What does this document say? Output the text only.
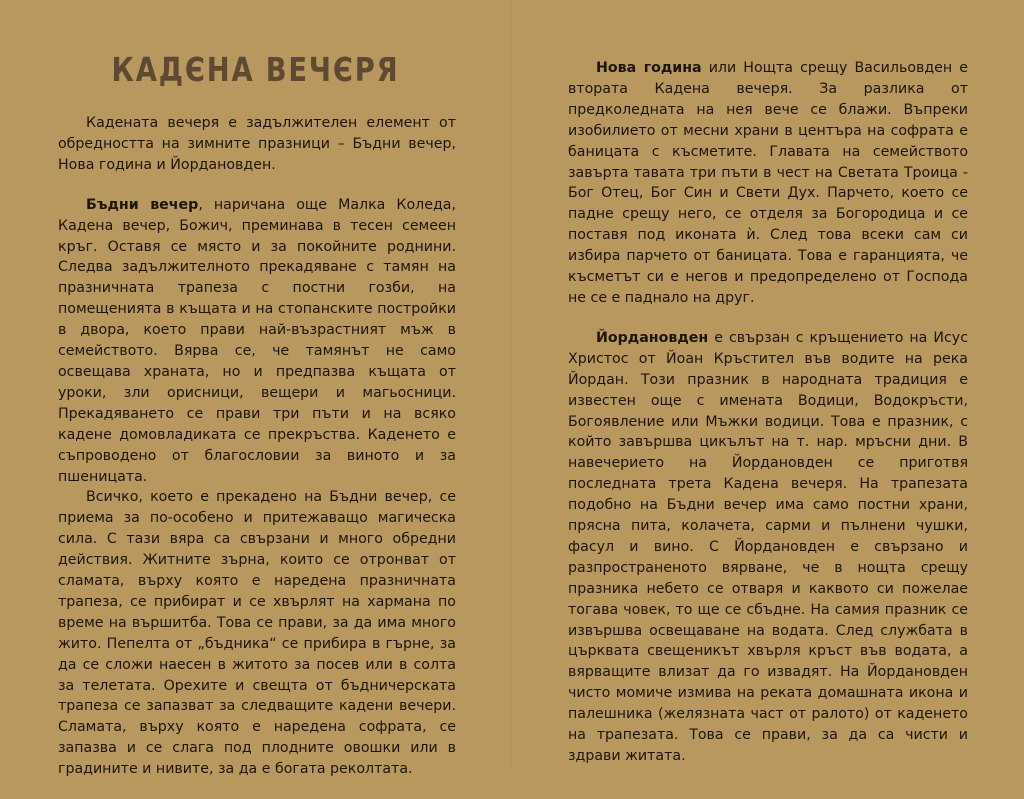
КАДЄНА ВЕЧЄРЯ

Кадената вечеря е задължителен елемент от обредността на зимните празници – Бъдни вечер, Нова година и Йордановден.

Бъдни вечер, наричана още Малка Коледа, Кадена вечер, Божич, преминава в тесен семеен кръг. Оставя се място и за покойните роднини. Следва задължителното прекадяване с тамян на празничната трапеза с постни гозби, на помещенията в къщата и на стопанските постройки в двора, което прави най-възрастният мъж в семейството. Вярва се, че тамянът не само освещава храната, но и предпазва къщата от уроки, зли орисници, вещери и магьосници. Прекадяването се прави три пъти и на всяко кадене домовладиката се прекръства. Каденето е съпроводено от благословии за виното и за пшеницата.

Всичко, което е прекадено на Бъдни вечер, се приема за по-особено и притежаващо магическа сила. С тази вяра са свързани и много обредни действия. Житните зърна, които се отронват от сламата, върху която е наредена празничната трапеза, се прибират и се хвърлят на хармана по време на вършитба. Това се прави, за да има много жито. Пепелта от „бъдника“ се прибира в гърне, за да се сложи наесен в житото за посев или в солта за телетата. Орехите и свещта от бъдничерската трапеза се запазват за следващите кадени вечери. Сламата, върху която е наредена софрата, се запазва и се слага под плодните овошки или в градините и нивите, за да е богата реколтата.

Нова година или Нощта срещу Васильовден е втората Кадена вечеря. За разлика от предколедната на нея вече се блажи. Въпреки изобилието от месни храни в центъра на софрата е баницата с късметите. Главата на семейството завърта тавата три пъти в чест на Светата Троица - Бог Отец, Бог Син и Свети Дух. Парчето, което се падне срещу него, се отделя за Богородица и се поставя под иконата ѝ. След това всеки сам си избира парчето от баницата. Това е гаранцията, че късметът си е негов и предопределено от Господа не се е паднало на друг.

Йордановден е свързан с кръщението на Исус Христос от Йоан Кръстител във водите на река Йордан. Този празник в народната традиция е известен още с имената Водици, Водокръсти, Богоявление или Мъжки водици. Това е празник, с който завършва цикълът на т. нар. мръсни дни. В навечерието на Йордановден се приготвя последната трета Кадена вечеря. На трапезата подобно на Бъдни вечер има само постни храни, прясна пита, колачета, сарми и пълнени чушки, фасул и вино. С Йордановден е свързано и разпространеното вярване, че в нощта срещу празника небето се отваря и каквото си пожелае тогава човек, то ще се сбъдне. На самия празник се извършва освещаване на водата. След службата в църквата свещеникът хвърля кръст във водата, а вярващите влизат да го извадят. На Йордановден чисто момиче измива на реката домашната икона и палешника (желязната част от ралото) от каденето на трапезата. Това се прави, за да са чисти и здрави житата.
